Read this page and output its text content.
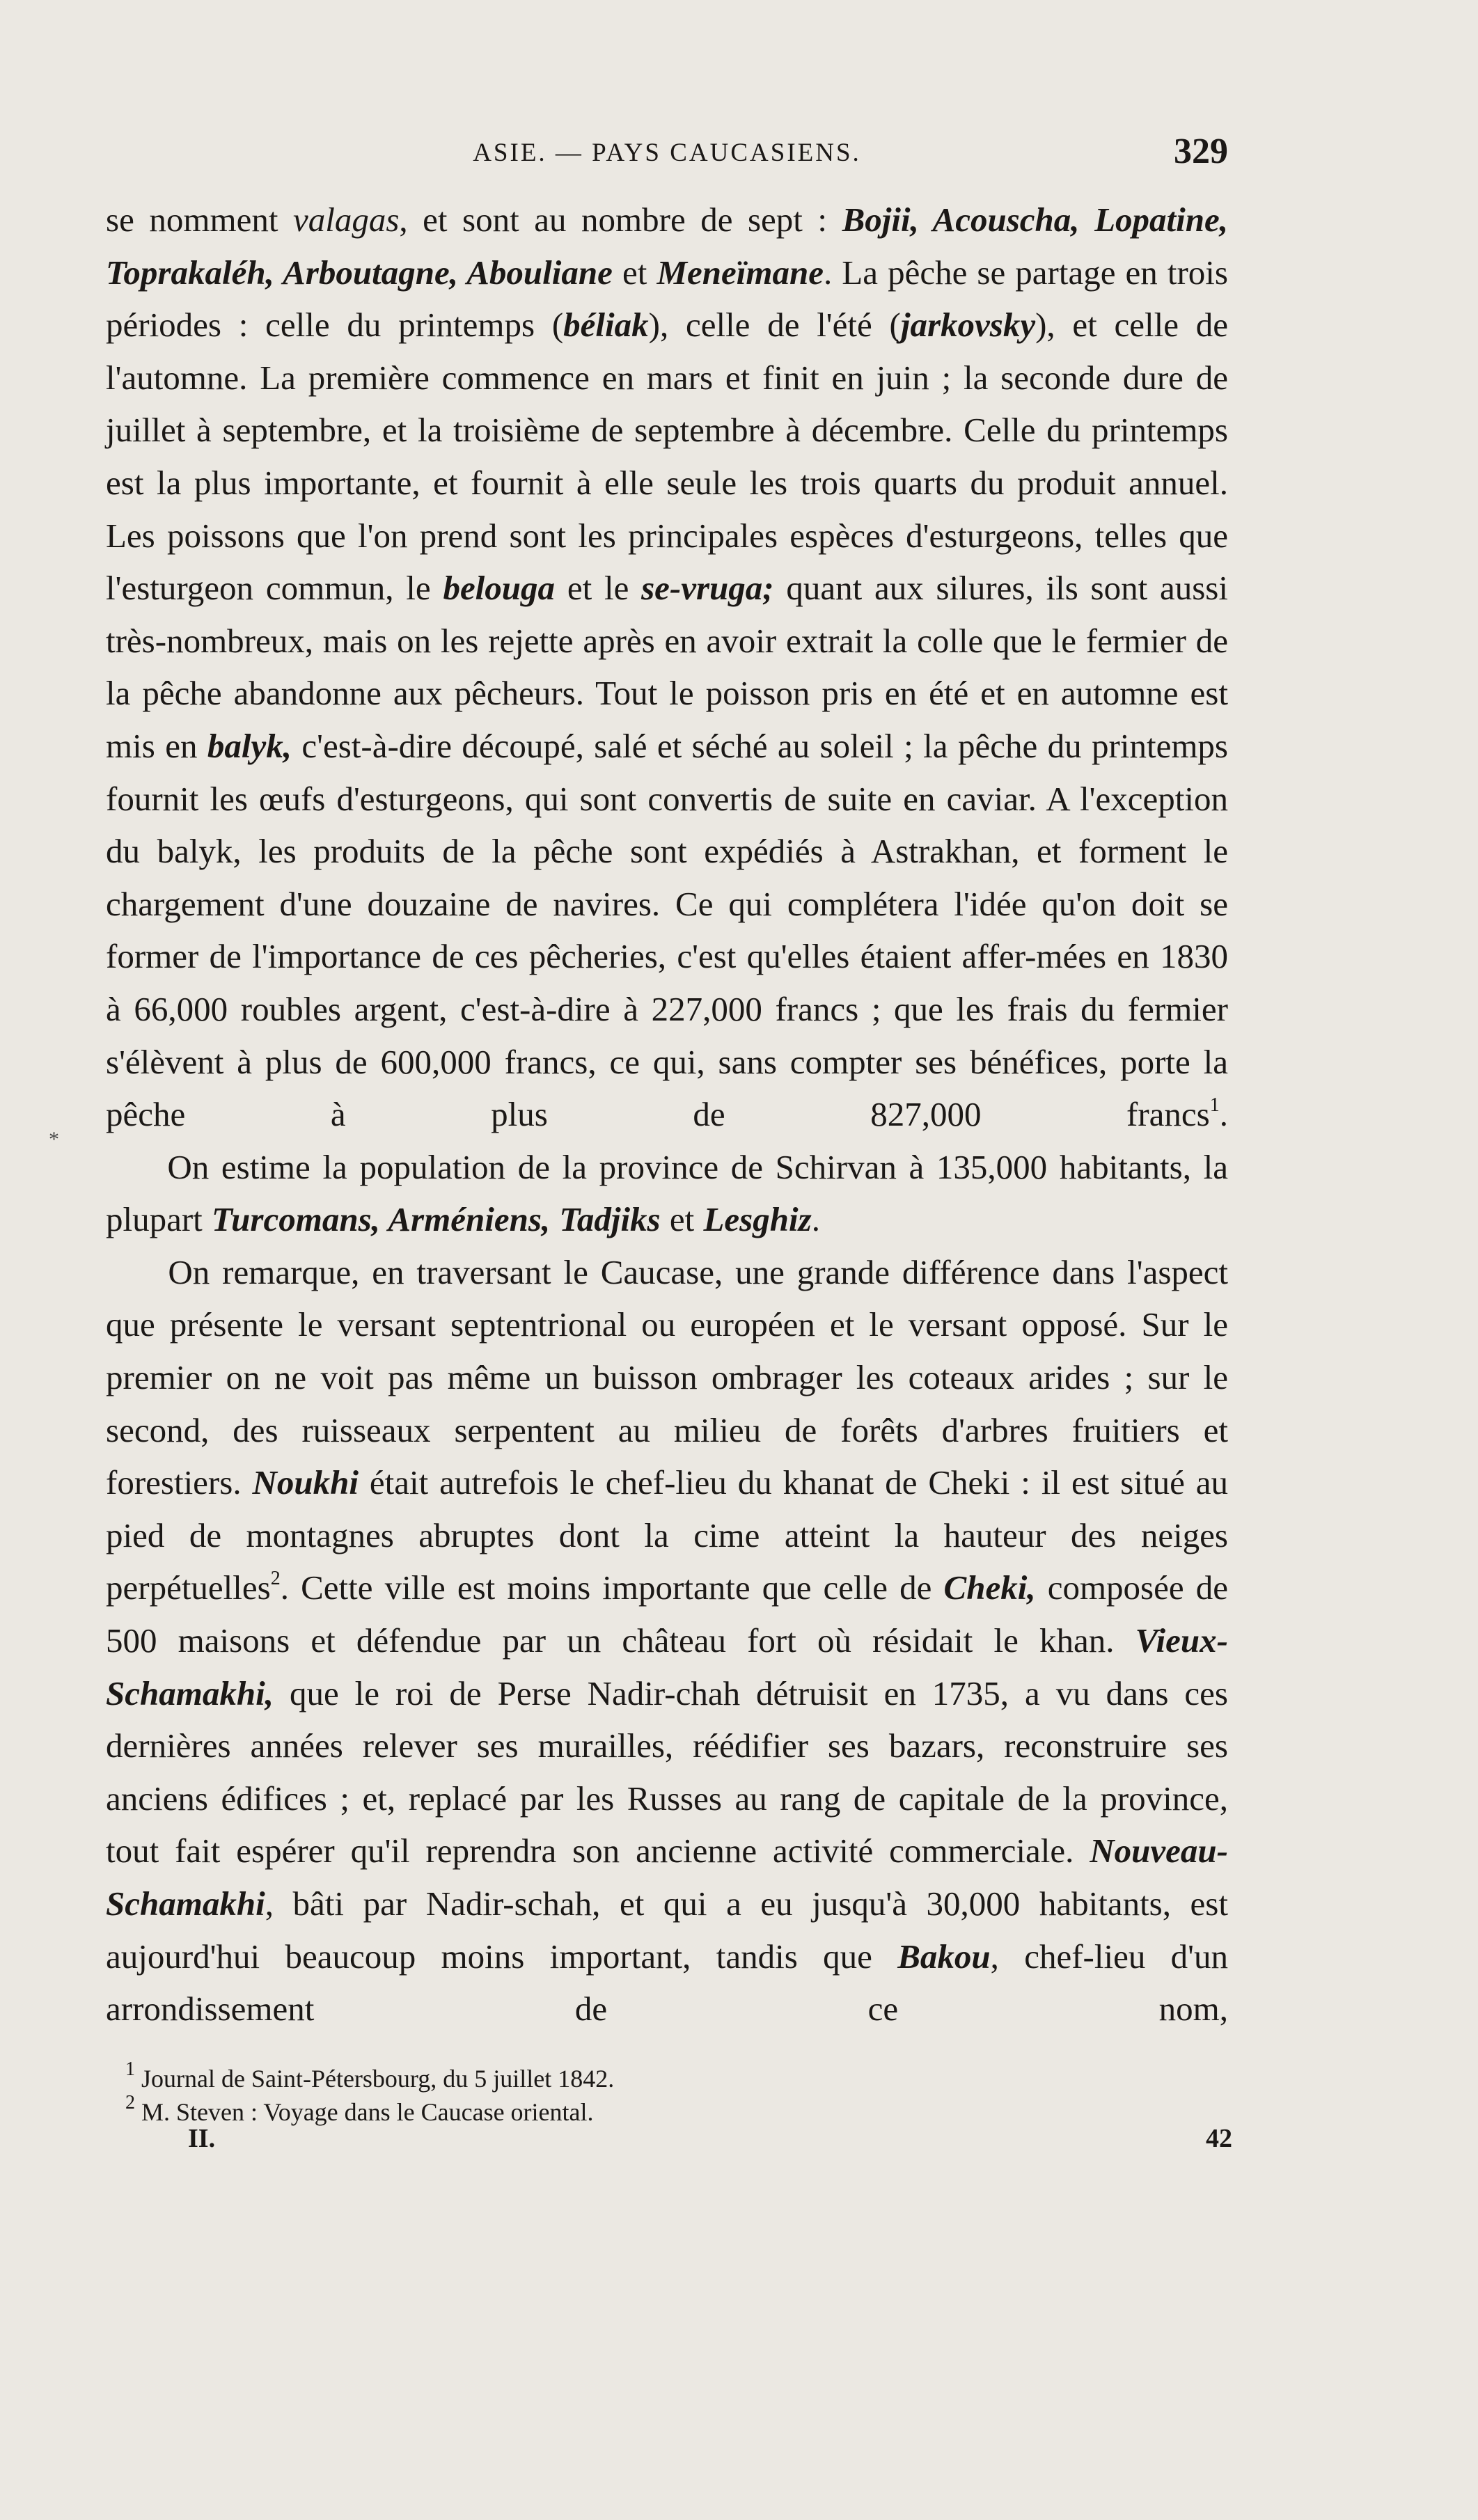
ASIE. — PAYS CAUCASIENS.	329
*

se nomment valagas, et sont au nombre de sept : Bojii, Acouscha, Lopatine, Toprakaléh, Arboutagne, Abouliane et Meneïmane. La pêche se partage en trois périodes : celle du printemps (béliak), celle de l'été (jarkovsky), et celle de l'automne. La première commence en mars et finit en juin ; la seconde dure de juillet à septembre, et la troisième de septembre à décembre. Celle du printemps est la plus importante, et fournit à elle seule les trois quarts du produit annuel. Les poissons que l'on prend sont les principales espèces d'esturgeons, telles que l'esturgeon commun, le belouga et le se-vruga; quant aux silures, ils sont aussi très-nombreux, mais on les rejette après en avoir extrait la colle que le fermier de la pêche abandonne aux pêcheurs. Tout le poisson pris en été et en automne est mis en balyk, c'est-à-dire découpé, salé et séché au soleil ; la pêche du printemps fournit les œufs d'esturgeons, qui sont convertis de suite en caviar. A l'exception du balyk, les produits de la pêche sont expédiés à Astrakhan, et forment le chargement d'une douzaine de navires. Ce qui complétera l'idée qu'on doit se former de l'importance de ces pêcheries, c'est qu'elles étaient affer-mées en 1830 à 66,000 roubles argent, c'est-à-dire à 227,000 francs ; que les frais du fermier s'élèvent à plus de 600,000 francs, ce qui, sans compter ses bénéfices, porte la pêche à plus de 827,000 francs$^1$.

On estime la population de la province de Schirvan à 135,000 habitants, la plupart Turcomans, Arméniens, Tadjiks et Lesghiz.

On remarque, en traversant le Caucase, une grande différence dans l'aspect que présente le versant septentrional ou européen et le versant opposé. Sur le premier on ne voit pas même un buisson ombrager les coteaux arides ; sur le second, des ruisseaux serpentent au milieu de forêts d'arbres fruitiers et forestiers. Noukhi était autrefois le chef-lieu du khanat de Cheki : il est situé au pied de montagnes abruptes dont la cime atteint la hauteur des neiges perpétuelles$^2$. Cette ville est moins importante que celle de Cheki, composée de 500 maisons et défendue par un château fort où résidait le khan. Vieux-Schamakhi, que le roi de Perse Nadir-chah détruisit en 1735, a vu dans ces dernières années relever ses murailles, réédifier ses bazars, reconstruire ses anciens édifices ; et, replacé par les Russes au rang de capitale de la province, tout fait espérer qu'il reprendra son ancienne activité commerciale. Nouveau-Schamakhi, bâti par Nadir-schah, et qui a eu jusqu'à 30,000 habitants, est aujourd'hui beaucoup moins important, tandis que Bakou, chef-lieu d'un arrondissement de ce nom,

$^1$ Journal de Saint-Pétersbourg, du 5 juillet 1842.

$^2$ M. Steven : Voyage dans le Caucase oriental.

II.	42
